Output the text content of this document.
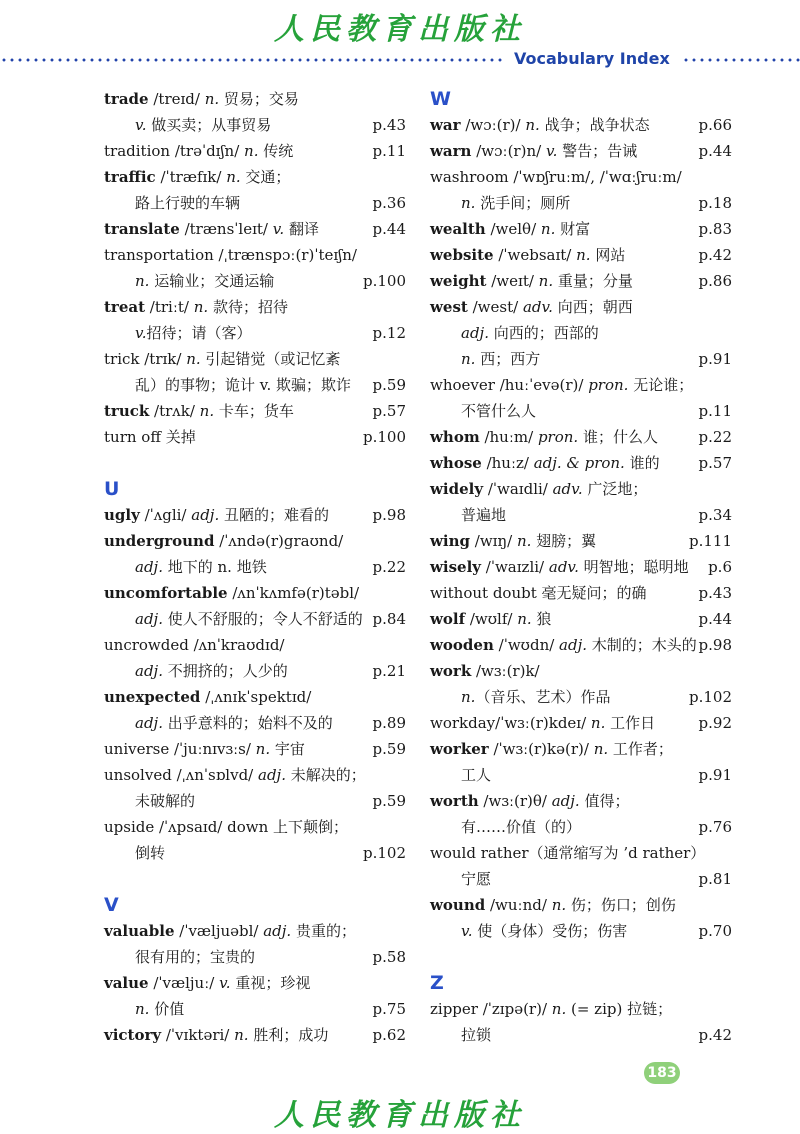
人民教育出版社
Vocabulary Index
trade /treɪd/ n. 贸易；交易
v. 做买卖；从事贸易	p.43
tradition /trəˈdɪʃn/ n. 传统	p.11
traffic /ˈtræfɪk/ n. 交通；
路上行驶的车辆	p.36
translate /trænsˈleɪt/ v. 翻译	p.44
transportation /ˌtrænspɔː(r)ˈteɪʃn/
n. 运输业；交通运输	p.100
treat /triːt/ n. 款待；招待
v.招待；请（客）	p.12
trick /trɪk/ n. 引起错觉（或记忆紊
乱）的事物；诡计 v. 欺骗；欺诈 p.59
truck /trʌk/ n. 卡车；货车	p.57
turn off 关掉	p.100
U
ugly /ˈʌgli/ adj. 丑陋的；难看的	p.98
underground /ˈʌndə(r)graʊnd/
adj. 地下的 n. 地铁	p.22
uncomfortable /ʌnˈkʌmfə(r)təbl/
adj. 使人不舒服的；令人不舒适的 p.84
uncrowded /ʌnˈkraʊdɪd/
adj. 不拥挤的；人少的	p.21
unexpected /ˌʌnɪkˈspektɪd/
adj. 出乎意料的；始料不及的	p.89
universe /ˈjuːnɪvɜːs/ n. 宇宙	p.59
unsolved /ˌʌnˈsɒlvd/ adj. 未解决的；
未破解的	p.59
upside /ˈʌpsaɪd/ down 上下颠倒；
倒转	p.102
V
valuable /ˈvæljuəbl/ adj. 贵重的；
很有用的；宝贵的	p.58
value /ˈvæljuː/ v. 重视；珍视
n. 价值	p.75
victory /ˈvɪktəri/ n. 胜利；成功	p.62
W
war /wɔː(r)/ n. 战争；战争状态	p.66
warn /wɔː(r)n/ v. 警告；告诫	p.44
washroom /ˈwɒʃruːm/, /ˈwɑːʃruːm/
n. 洗手间；厕所	p.18
wealth /welθ/ n. 财富	p.83
website /ˈwebsaɪt/ n. 网站	p.42
weight /weɪt/ n. 重量；分量	p.86
west /west/ adv. 向西；朝西
adj. 向西的；西部的
n. 西；西方	p.91
whoever /huːˈevə(r)/ pron. 无论谁；
不管什么人	p.11
whom /huːm/ pron. 谁；什么人	p.22
whose /huːz/ adj. & pron. 谁的	p.57
widely /ˈwaɪdli/ adv. 广泛地；
普遍地	p.34
wing /wɪŋ/ n. 翅膀；翼	p.111
wisely /ˈwaɪzli/ adv. 明智地；聪明地 p.6
without doubt 毫无疑问；的确	p.43
wolf /wʊlf/ n. 狼	p.44
wooden /ˈwʊdn/ adj. 木制的；木头的 p.98
work /wɜː(r)k/
n.（音乐、艺术）作品	p.102
workday/ˈwɜː(r)kdeɪ/ n. 工作日	p.92
worker /ˈwɜː(r)kə(r)/ n. 工作者；
工人	p.91
worth /wɜː(r)θ/ adj. 值得；
有……价值（的）	p.76
would rather（通常缩写为 ’d rather）
宁愿	p.81
wound /wuːnd/ n. 伤；伤口；创伤
v. 使（身体）受伤；伤害	p.70
Z
zipper /ˈzɪpə(r)/ n. (= zip) 拉链；
拉锁	p.42
183
人民教育出版社
